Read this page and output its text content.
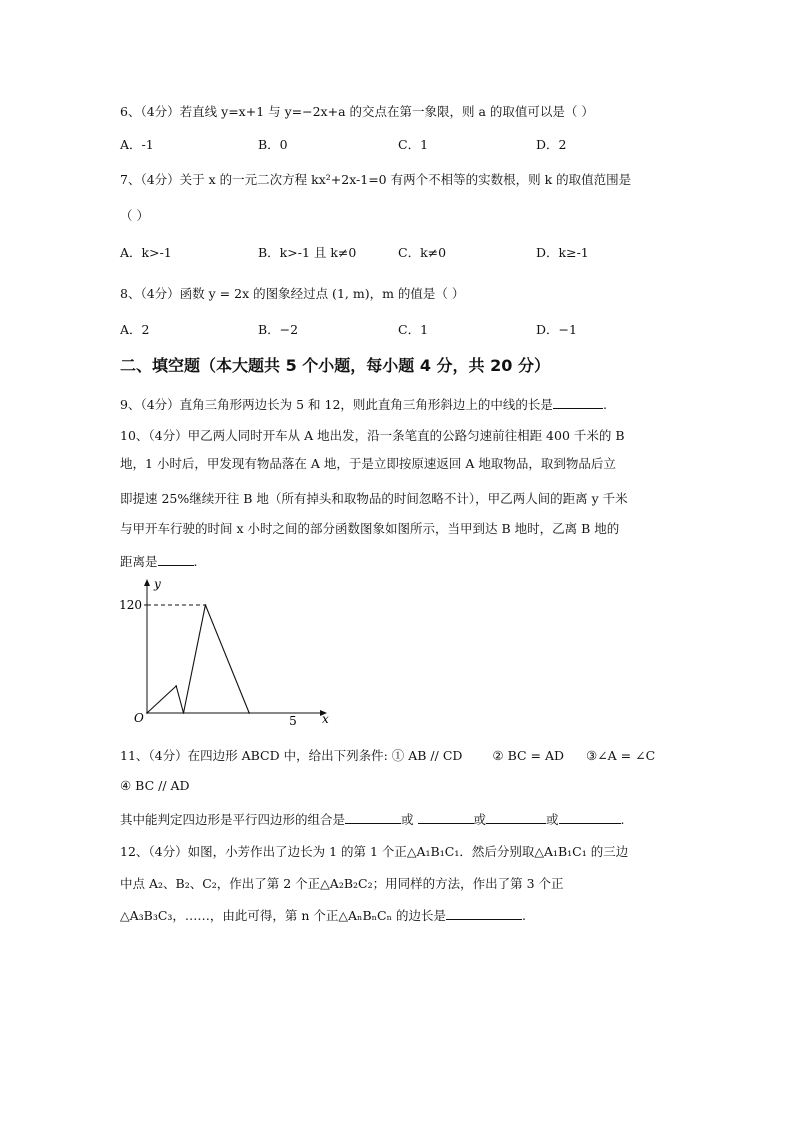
6、（4分）若直线 y=x+1 与 y=−2x+a 的交点在第一象限，则 a 的取值可以是（ ）
A．-1	B．0	C．1	D．2
7、（4分）关于 x 的一元二次方程 kx²+2x-1=0 有两个不相等的实数根，则 k 的取值范围是
（ ）
A．k>-1	B．k>-1 且 k≠0	C．k≠0	D．k≥-1
8、（4分）函数 y = 2x 的图象经过点 (1, m)，m 的值是（ ）
A．2	B．−2	C．1	D．−1
二、填空题（本大题共 5 个小题，每小题 4 分，共 20 分）
9、（4分）直角三角形两边长为 5 和 12，则此直角三角形斜边上的中线的长是	.
10、（4分）甲乙两人同时开车从 A 地出发，沿一条笔直的公路匀速前往相距 400 千米的 B
地，1 小时后，甲发现有物品落在 A 地，于是立即按原速返回 A 地取物品，取到物品后立
即提速 25%继续开往 B 地（所有掉头和取物品的时间忽略不计），甲乙两人间的距离 y 千米
与甲开车行驶的时间 x 小时之间的部分函数图象如图所示，当甲到达 B 地时，乙离 B 地的
距离是	.
y
x
O
120
5
11、（4分）在四边形 ABCD 中，给出下列条件: ① AB // CD ② BC = AD ③∠A = ∠C
④ BC // AD
其中能判定四边形是平行四边形的组合是	或	或	或	.
12、（4分）如图，小芳作出了边长为 1 的第 1 个正△A₁B₁C₁．然后分别取△A₁B₁C₁ 的三边
中点 A₂、B₂、C₂，作出了第 2 个正△A₂B₂C₂；用同样的方法，作出了第 3 个正
△A₃B₃C₃，……，由此可得，第 n 个正△AₙBₙCₙ 的边长是	.
